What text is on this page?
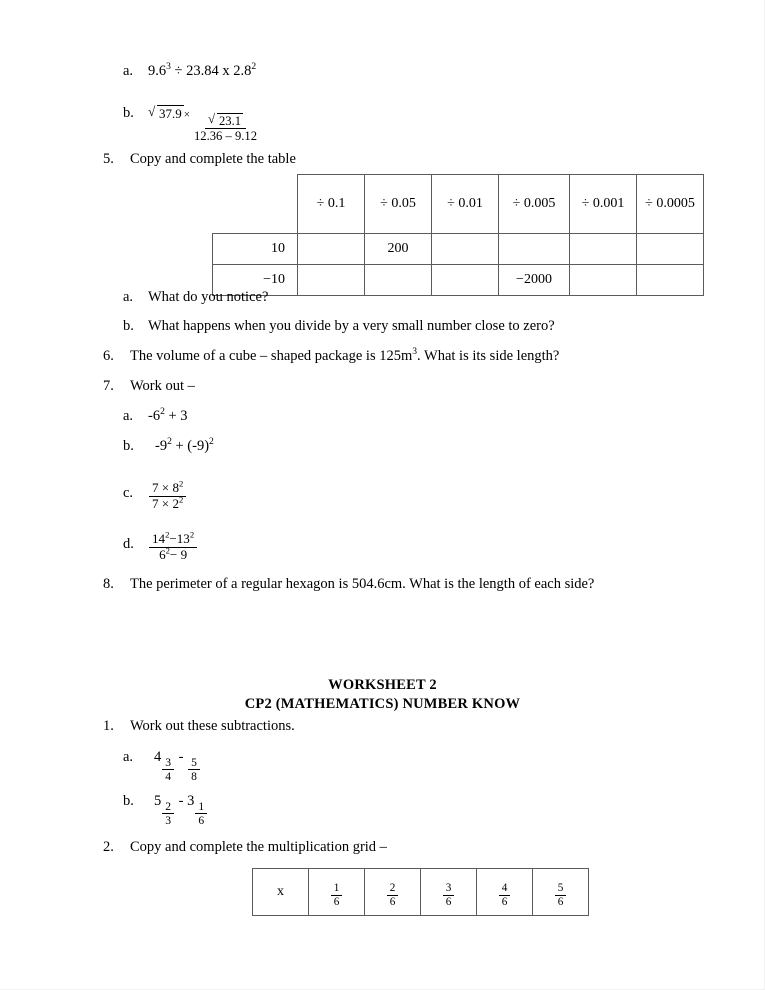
a.	$9.6^3 \div 23.84$ x $2.8^2$
b.	√ 37.9 × √ $\frac{23.1}{12.36 - 9.12}$
5.	Copy and complete the table
	÷ 0.1	÷ 0.05	÷ 0.01	÷ 0.005	÷ 0.001	÷ 0.0005
10		200				
−10				−2000		
a.	What do you notice?
b. What happens when you divide by a very small number close to zero?
6.	The volume of a cube – shaped package is $125m^3$. What is its side length?
7.	Work out –
a.	$-6^2 + 3$
b.	$-9^2 + (-9)^2$
c.	$\frac{7 \times 8^2}{7 \times 2^2}$
d.	$\frac{14^2-13^2}{6^2- 9}$
8.	The perimeter of a regular hexagon is 504.6cm. What is the length of each side?
WORKSHEET 2
CP2 (MATHEMATICS) NUMBER KNOW
1.	Work out these subtractions.
a.	$4 \frac{3}{4} - \frac{5}{8}$
b.	$5 \frac{2}{3} - 3 \frac{1}{6}$
2.	Copy and complete the multiplication grid –
x	$\frac{1}{6}$	$\frac{2}{6}$	$\frac{3}{6}$	$\frac{4}{6}$	$\frac{5}{6}$
